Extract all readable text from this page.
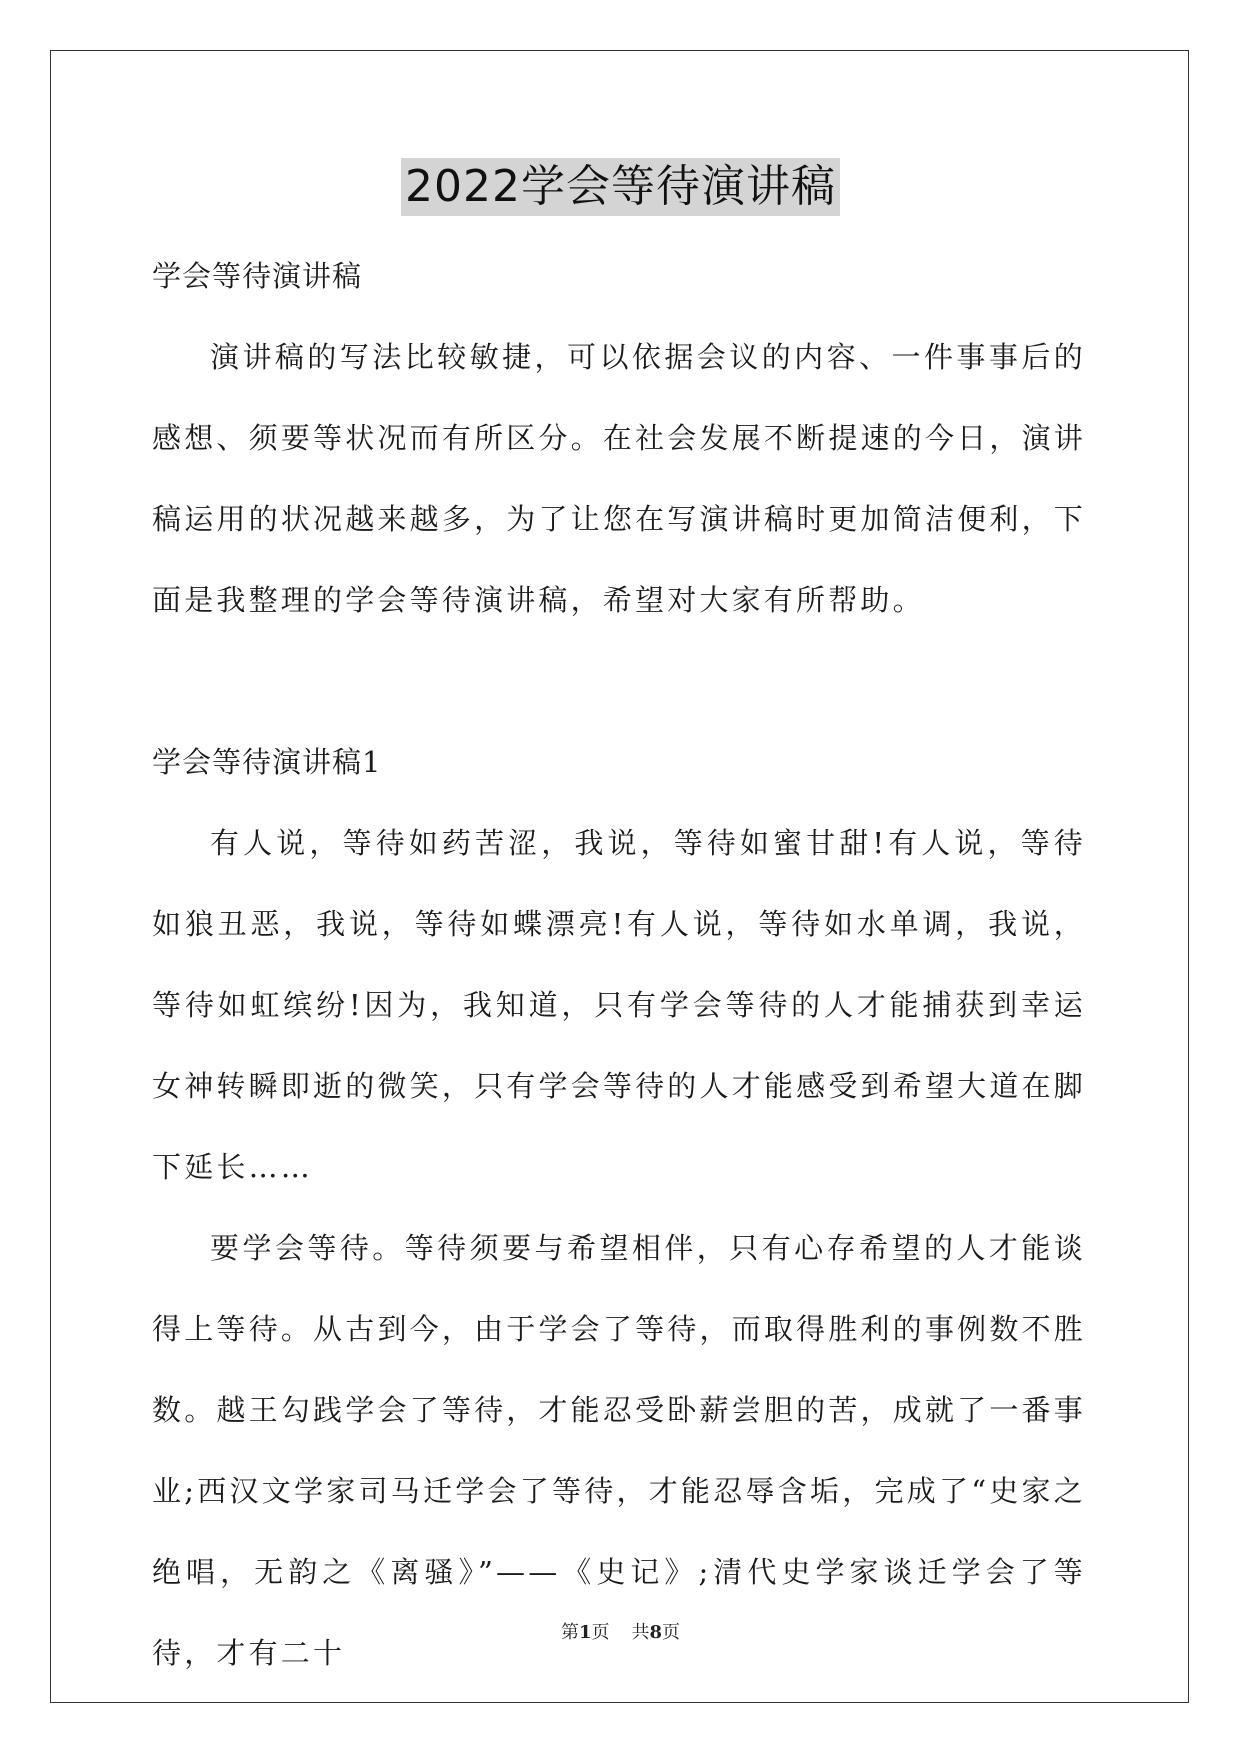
2022学会等待演讲稿

学会等待演讲稿

演讲稿的写法比较敏捷，可以依据会议的内容、一件事事后的感想、须要等状况而有所区分。在社会发展不断提速的今日，演讲稿运用的状况越来越多，为了让您在写演讲稿时更加简洁便利，下面是我整理的学会等待演讲稿，希望对大家有所帮助。

学会等待演讲稿1

有人说，等待如药苦涩，我说，等待如蜜甘甜!有人说，等待如狼丑恶，我说，等待如蝶漂亮!有人说，等待如水单调，我说，等待如虹缤纷!因为，我知道，只有学会等待的人才能捕获到幸运女神转瞬即逝的微笑，只有学会等待的人才能感受到希望大道在脚下延长……

要学会等待。等待须要与希望相伴，只有心存希望的人才能谈得上等待。从古到今，由于学会了等待，而取得胜利的事例数不胜数。越王勾践学会了等待，才能忍受卧薪尝胆的苦，成就了一番事业;西汉文学家司马迁学会了等待，才能忍辱含垢，完成了“史家之绝唱，无韵之《离骚》”——《史记》;清代史学家谈迁学会了等待，才有二十

第1页 共8页
